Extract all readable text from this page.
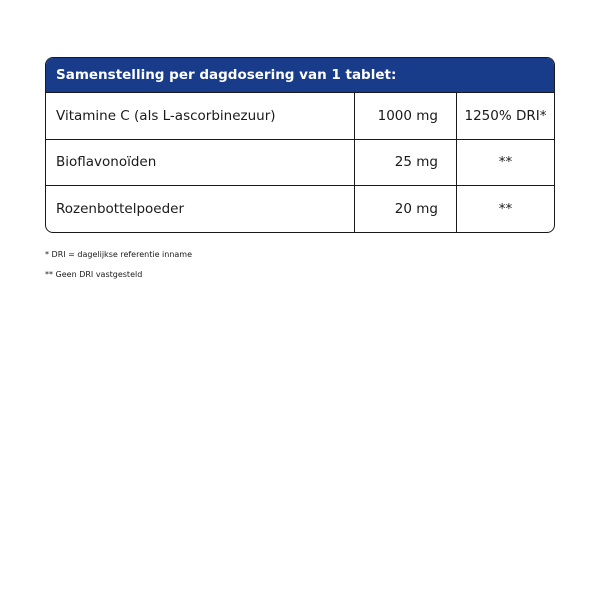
Samenstelling per dagdosering van 1 tablet:
Vitamine C (als L-ascorbinezuur)	1000 mg	1250% DRI*
Bioflavonoïden	25 mg	**
Rozenbottelpoeder	20 mg	**
* DRI = dagelijkse referentie inname
** Geen DRI vastgesteld
